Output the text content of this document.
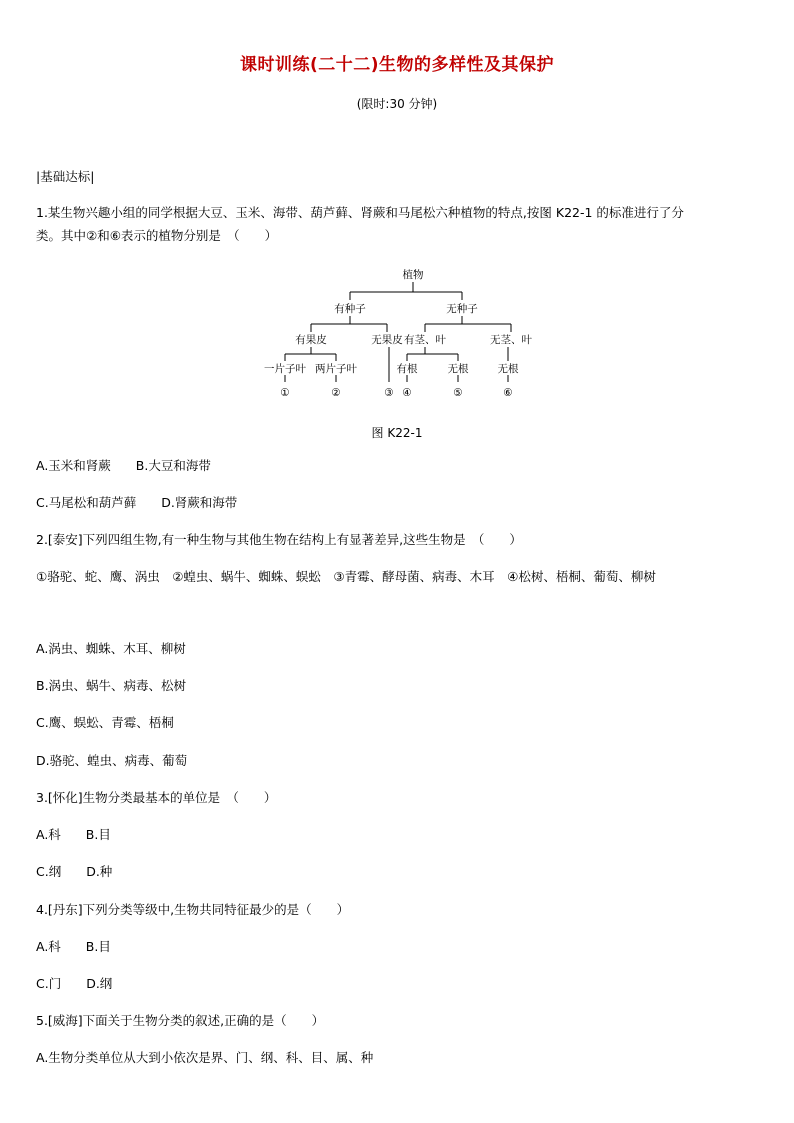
课时训练(二十二)生物的多样性及其保护
(限时:30 分钟)
|基础达标|
1.某生物兴趣小组的同学根据大豆、玉米、海带、葫芦藓、肾蕨和马尾松六种植物的特点,按图 K22-1 的标准进行了分
类。其中②和⑥表示的植物分别是　（　　）
植物
有种子	无种子
有果皮	无果皮 有茎、叶	无茎、叶
一片子叶 两片子叶	有根	无根	无根
①	②	③ ④	⑤	⑥
图 K22-1
A.玉米和肾蕨　　B.大豆和海带
C.马尾松和葫芦藓　　D.肾蕨和海带
2.[泰安]下列四组生物,有一种生物与其他生物在结构上有显著差异,这些生物是　（　　）
①骆驼、蛇、鹰、涡虫　②蝗虫、蜗牛、蜘蛛、蜈蚣　③青霉、酵母菌、病毒、木耳　④松树、梧桐、葡萄、柳树
A.涡虫、蜘蛛、木耳、柳树
B.涡虫、蜗牛、病毒、松树
C.鹰、蜈蚣、青霉、梧桐
D.骆驼、蝗虫、病毒、葡萄
3.[怀化]生物分类最基本的单位是　（　　）
A.科　　B.目
C.纲　　D.种
4.[丹东]下列分类等级中,生物共同特征最少的是（　　）
A.科　　B.目
C.门　　D.纲
5.[威海]下面关于生物分类的叙述,正确的是（　　）
A.生物分类单位从大到小依次是界、门、纲、科、目、属、种
